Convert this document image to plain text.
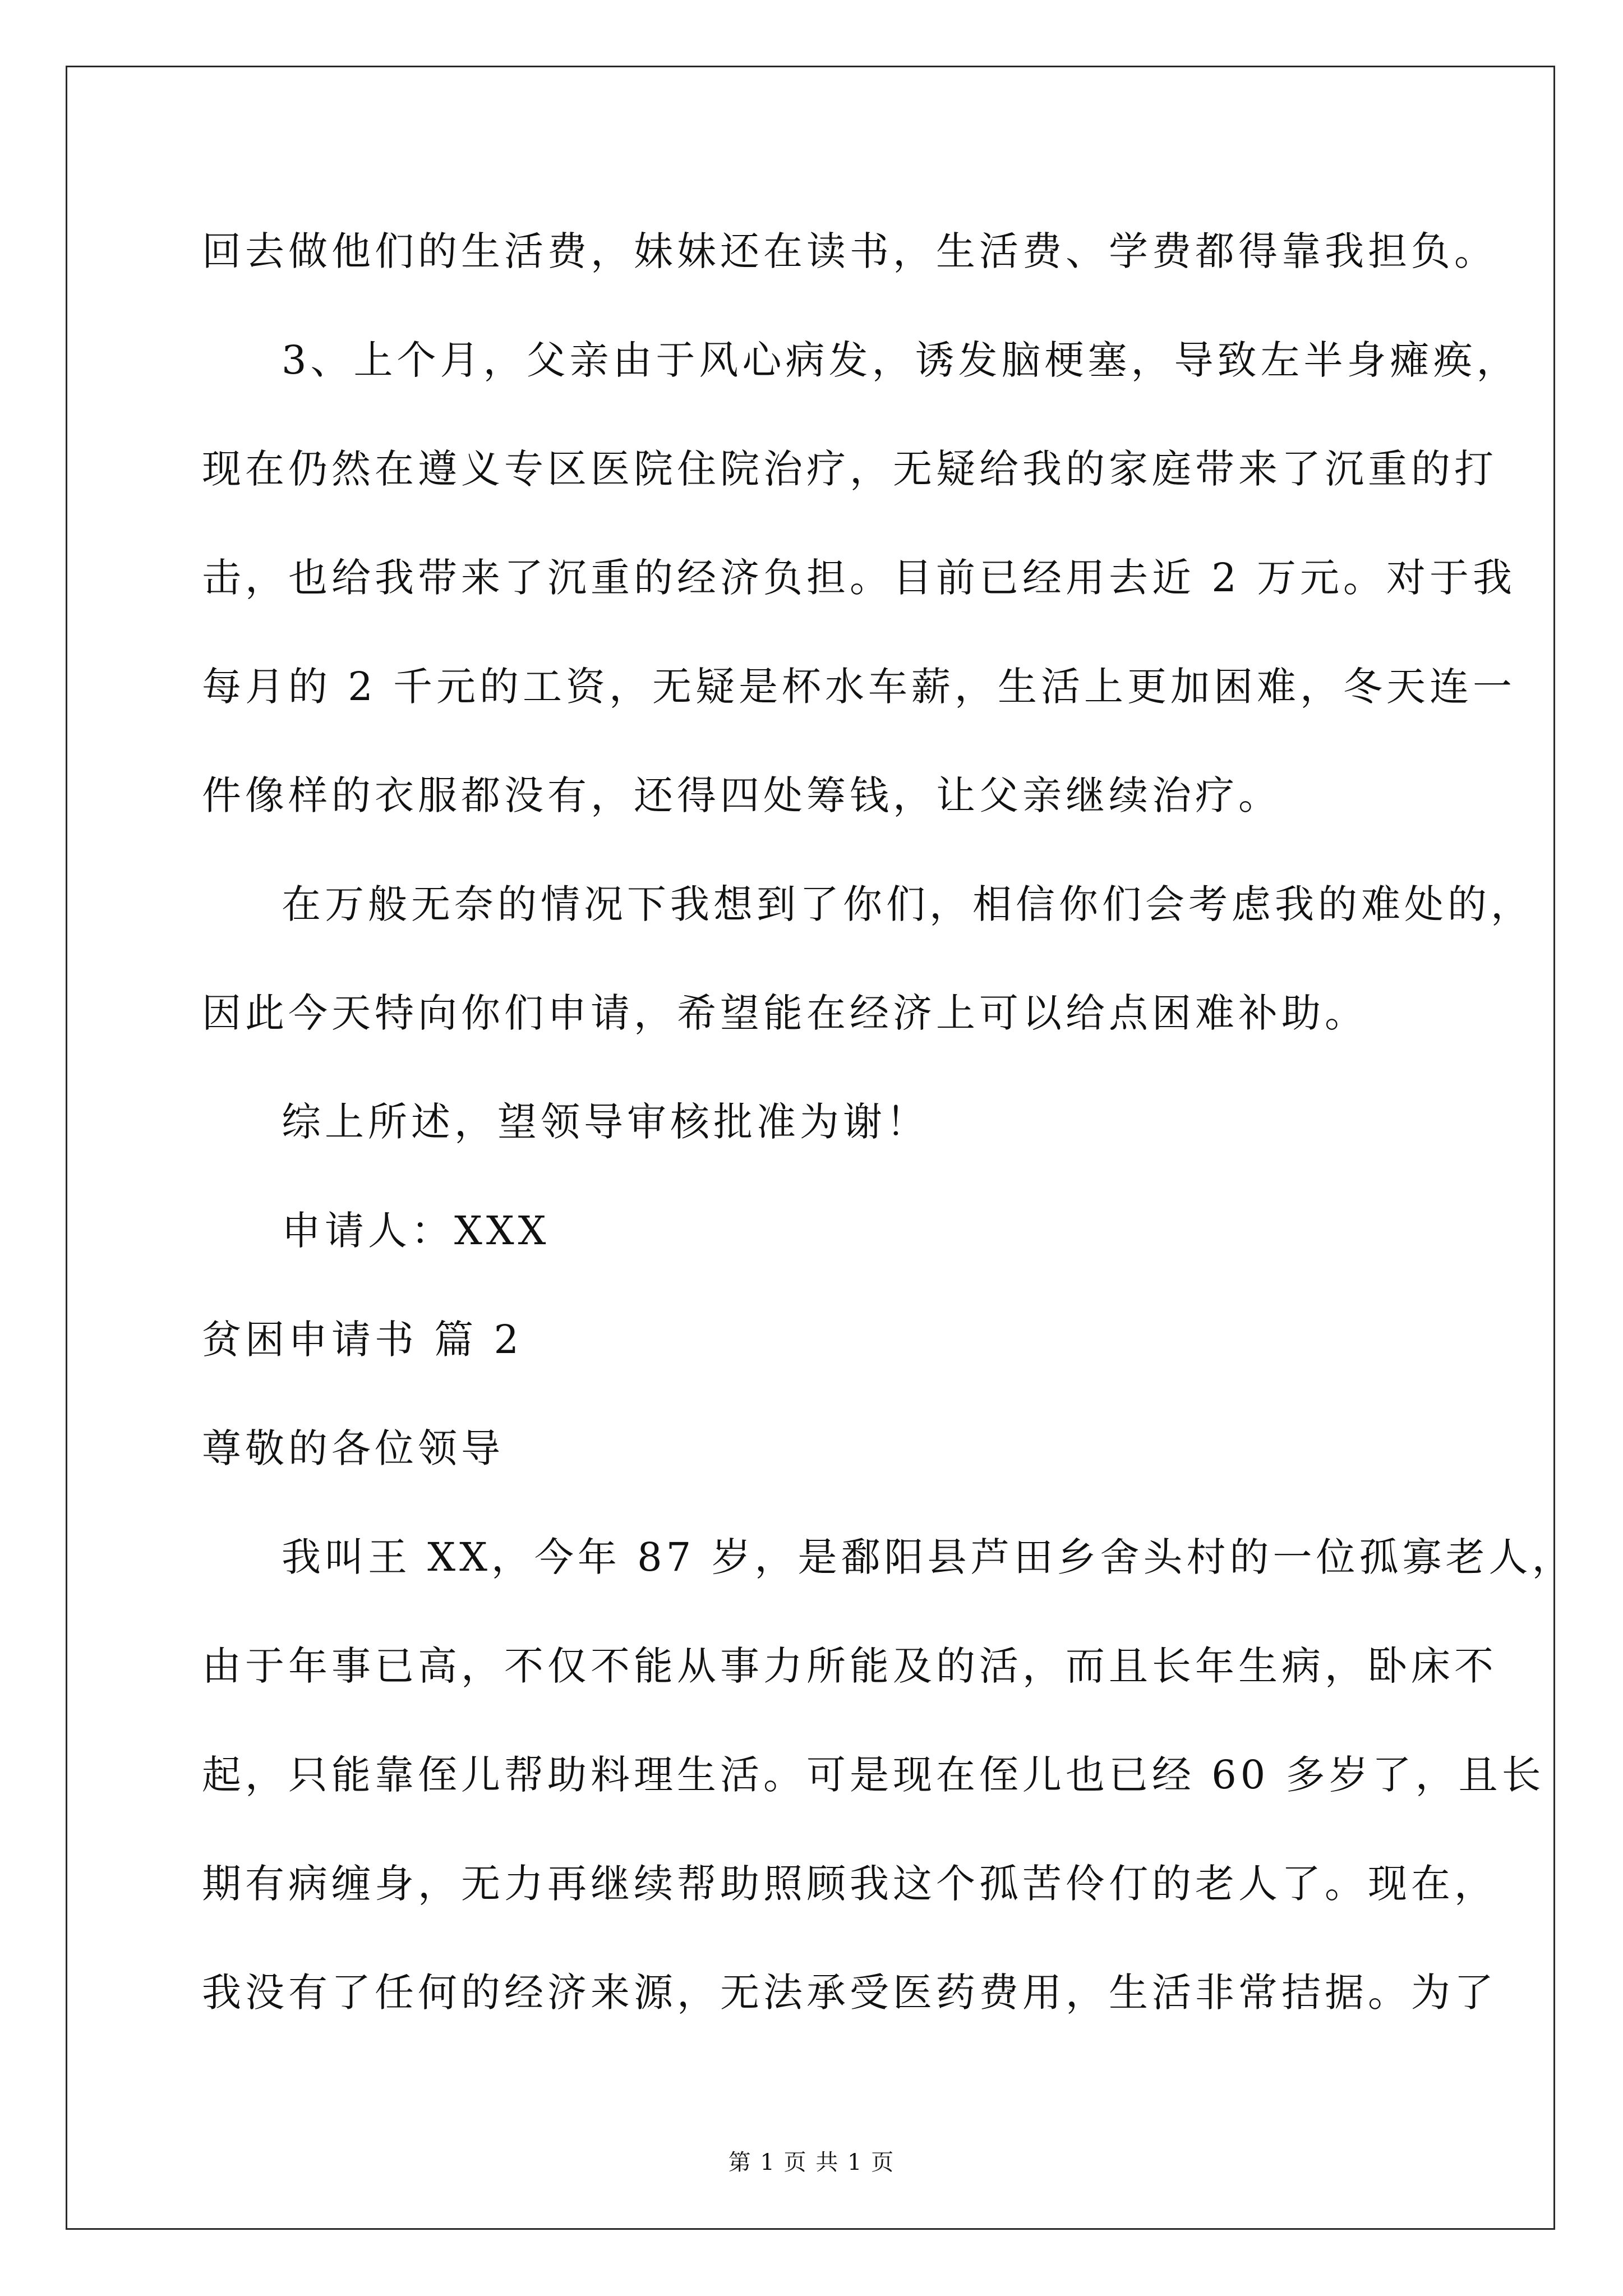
回去做他们的生活费，妹妹还在读书，生活费、学费都得靠我担负。
3、上个月，父亲由于风心病发，诱发脑梗塞，导致左半身瘫痪，
现在仍然在遵义专区医院住院治疗，无疑给我的家庭带来了沉重的打
击，也给我带来了沉重的经济负担。目前已经用去近 2 万元。对于我
每月的 2 千元的工资，无疑是杯水车薪，生活上更加困难，冬天连一
件像样的衣服都没有，还得四处筹钱，让父亲继续治疗。
在万般无奈的情况下我想到了你们，相信你们会考虑我的难处的，
因此今天特向你们申请，希望能在经济上可以给点困难补助。
综上所述，望领导审核批准为谢！
申请人：XXX
贫困申请书 篇 2
尊敬的各位领导
我叫王 XX，今年 87 岁，是鄱阳县芦田乡舍头村的一位孤寡老人，
由于年事已高，不仅不能从事力所能及的活，而且长年生病，卧床不
起，只能靠侄儿帮助料理生活。可是现在侄儿也已经 60 多岁了，且长
期有病缠身，无力再继续帮助照顾我这个孤苦伶仃的老人了。现在，
我没有了任何的经济来源，无法承受医药费用，生活非常拮据。为了
第 1 页 共 1 页
